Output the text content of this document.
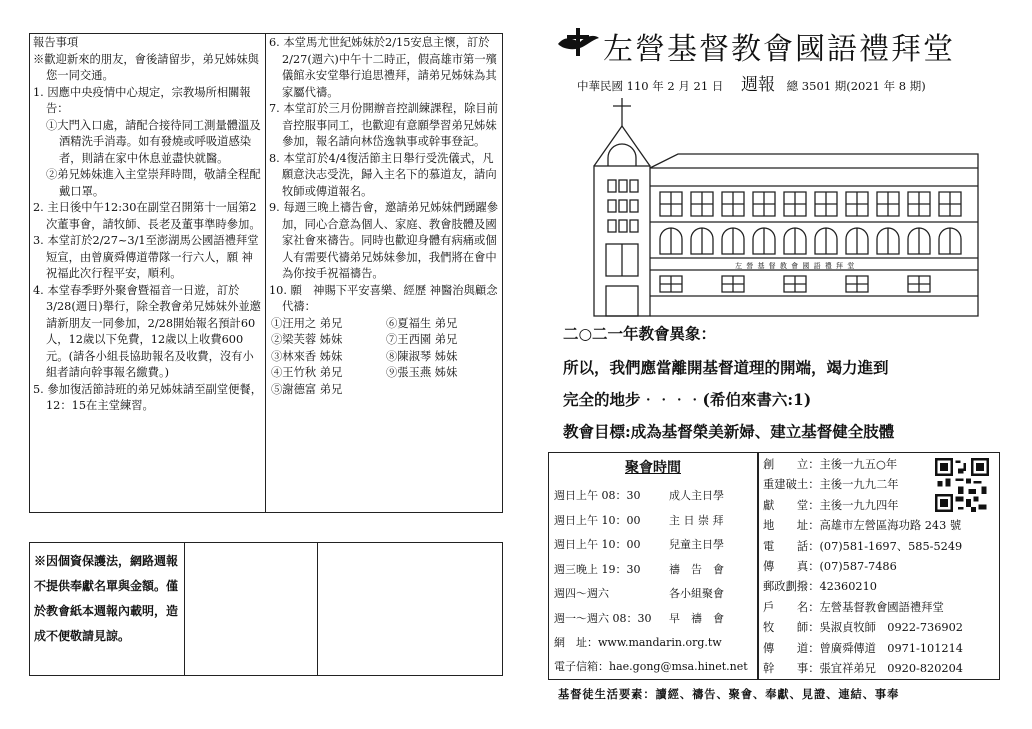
報告事項

※歡迎新來的朋友，會後請留步，弟兄姊妹與您一同交通。

1. 因應中央疫情中心規定，宗教場所相關報告：

①大門入口處，請配合接待同工測量體溫及酒精洗手消毒。如有發燒或呼吸道感染者，則請在家中休息並盡快就醫。

②弟兄姊妹進入主堂崇拜時間，敬請全程配戴口罩。

2. 主日後中午12:30在副堂召開第十一屆第2次董事會，請牧師、長老及董事準時參加。

3. 本堂訂於2/27~3/1至澎湖馬公國語禮拜堂短宣，由曾廣舜傳道帶隊一行六人，願 神祝福此次行程平安，順利。

4. 本堂春季野外聚會暨福音一日遊，訂於3/28(週日)舉行，除全教會弟兄姊妹外並邀請新朋友一同參加，2/28開始報名預計60人，12歲以下免費，12歲以上收費600元。(請各小組長協助報名及收費，沒有小組者請向幹事報名繳費。)

5. 參加復活節詩班的弟兄姊妹請至副堂便餐，12：15在主堂練習。

6. 本堂馬尤世紀姊妹於2/15安息主懷，訂於2/27(週六)中午十二時正，假高雄市第一殯儀館永安堂舉行追思禮拜，請弟兄姊妹為其家屬代禱。

7. 本堂訂於三月份開辦音控訓練課程，除目前音控服事同工，也歡迎有意願學習弟兄姊妹參加，報名請向林岱逸執事或幹事登記。

8. 本堂訂於4/4復活節主日舉行受洗儀式，凡願意決志受洗，歸入主名下的慕道友，請向牧師或傳道報名。

9. 每週三晚上禱告會，邀請弟兄姊妹們踴躍參加，同心合意為個人、家庭、教會肢體及國家社會來禱告。同時也歡迎身體有病痛或個人有需要代禱弟兄姊妹參加，我們將在會中為你按手祝福禱告。

10. 願　神賜下平安喜樂、經歷 神醫治與顧念代禱：

①汪用之 弟兄	⑥夏福生 弟兄
②梁芙蓉 姊妹	⑦王西園 弟兄
③林來香 姊妹	⑧陳淑琴 姊妹
④王竹秋 弟兄	⑨張玉燕 姊妹
⑤謝德富 弟兄
※因個資保護法，網路週報不提供奉獻名單與金額。僅於教會紙本週報內載明，造成不便敬請見諒。
左營基督教會國語禮拜堂
中華民國 110 年 2 月 21 日 週報 總 3501 期(2021 年 8 期)
左 營 基 督 教 會 國 語 禮 拜 堂
二○二一年教會異象：
所以，我們應當離開基督道理的開端，竭力進到
完全的地步‧‧‧‧(希伯來書六:1)
教會目標:成為基督榮美新婦、建立基督健全肢體
聚會時間
週日上午 08：30	成人主日學
週日上午 10：00	主 日 崇 拜
週日上午 10：00	兒童主日學
週三晚上 19：30	禱　告　會
週四～週六	各小組聚會
週一～週六 08：30	早　禱　會
網　址：www.mandarin.org.tw
電子信箱：hae.gong@msa.hinet.net
創　　立：主後一九五○年
重建破土：主後一九九二年
獻　　堂：主後一九九四年
地　　址：高雄市左營區海功路 243 號
電　　話：(07)581-1697、585-5249
傳　　真：(07)587-7486
郵政劃撥：42360210
戶　　名：左營基督教會國語禮拜堂
牧　　師：吳淑貞牧師　0922-736902
傳　　道：曾廣舜傳道　0971-101214
幹　　事：張宜祥弟兄　0920-820204
基督徒生活要素：讀經、禱告、聚會、奉獻、見證、連結、事奉
